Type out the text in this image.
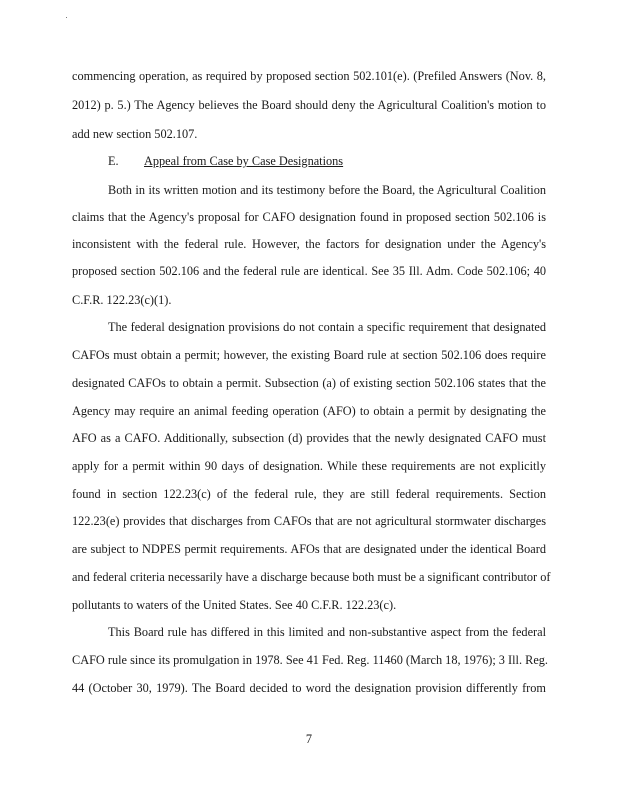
commencing operation, as required by proposed section 502.101(e). (Prefiled Answers (Nov. 8,
2012) p. 5.) The Agency believes the Board should deny the Agricultural Coalition's motion to
add new section 502.107.
E. Appeal from Case by Case Designations
Both in its written motion and its testimony before the Board, the Agricultural Coalition
claims that the Agency's proposal for CAFO designation found in proposed section 502.106 is
inconsistent with the federal rule. However, the factors for designation under the Agency's
proposed section 502.106 and the federal rule are identical. See 35 Ill. Adm. Code 502.106; 40
C.F.R. 122.23(c)(1).
The federal designation provisions do not contain a specific requirement that designated
CAFOs must obtain a permit; however, the existing Board rule at section 502.106 does require
designated CAFOs to obtain a permit. Subsection (a) of existing section 502.106 states that the
Agency may require an animal feeding operation (AFO) to obtain a permit by designating the
AFO as a CAFO. Additionally, subsection (d) provides that the newly designated CAFO must
apply for a permit within 90 days of designation. While these requirements are not explicitly
found in section 122.23(c) of the federal rule, they are still federal requirements. Section
122.23(e) provides that discharges from CAFOs that are not agricultural stormwater discharges
are subject to NDPES permit requirements. AFOs that are designated under the identical Board
and federal criteria necessarily have a discharge because both must be a significant contributor of
pollutants to waters of the United States. See 40 C.F.R. 122.23(c).
This Board rule has differed in this limited and non-substantive aspect from the federal
CAFO rule since its promulgation in 1978. See 41 Fed. Reg. 11460 (March 18, 1976); 3 Ill. Reg.
44 (October 30, 1979). The Board decided to word the designation provision differently from
7
